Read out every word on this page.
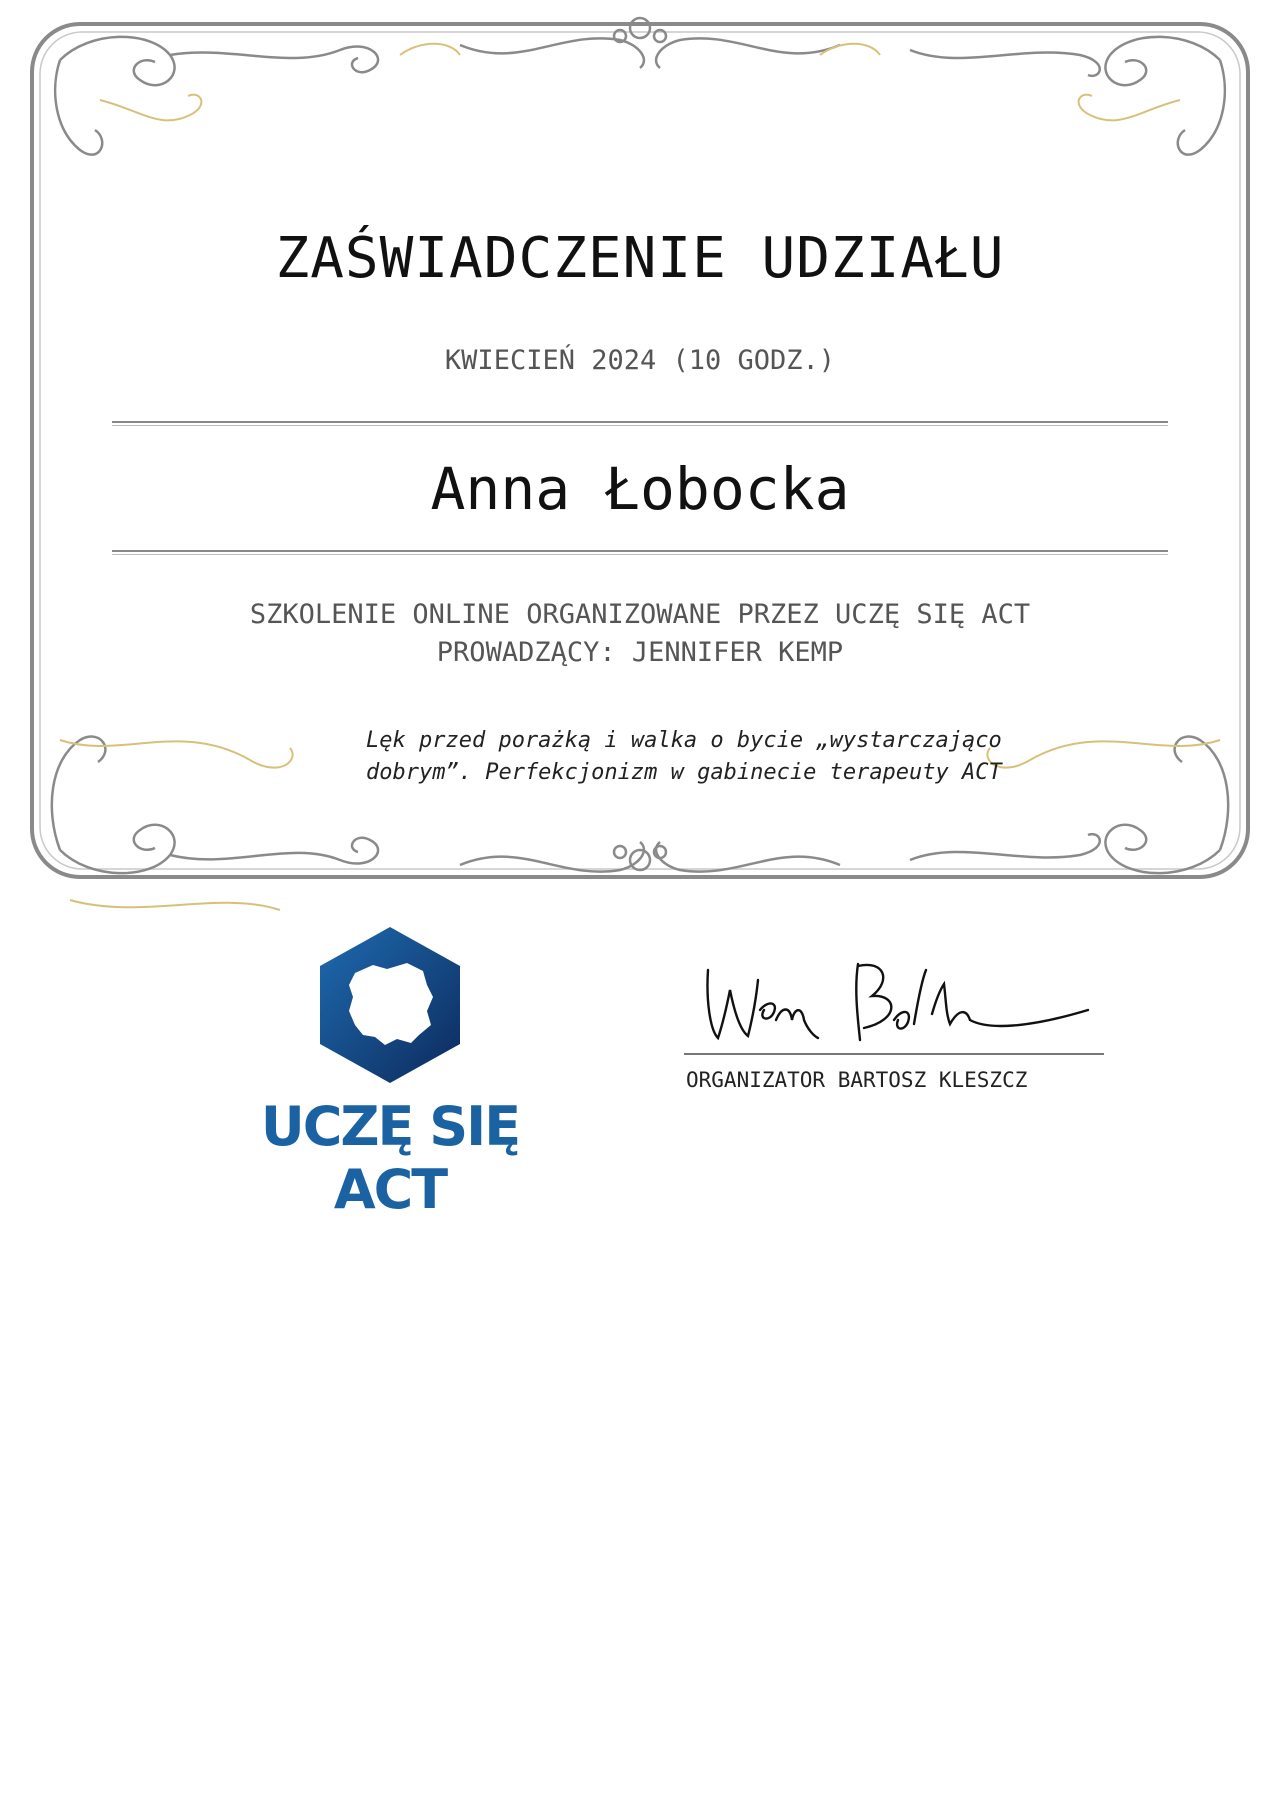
ZAŚWIADCZENIE UDZIAŁU
KWIECIEŃ 2024 (10 GODZ.)
Anna Łobocka
SZKOLENIE ONLINE ORGANIZOWANE PRZEZ UCZĘ SIĘ ACT
PROWADZĄCY: JENNIFER KEMP
Lęk przed porażką i walka o bycie „wystarczająco
dobrym”. Perfekcjonizm w gabinecie terapeuty ACT
UCZĘ SIĘ ACT
ORGANIZATOR BARTOSZ KLESZCZ
